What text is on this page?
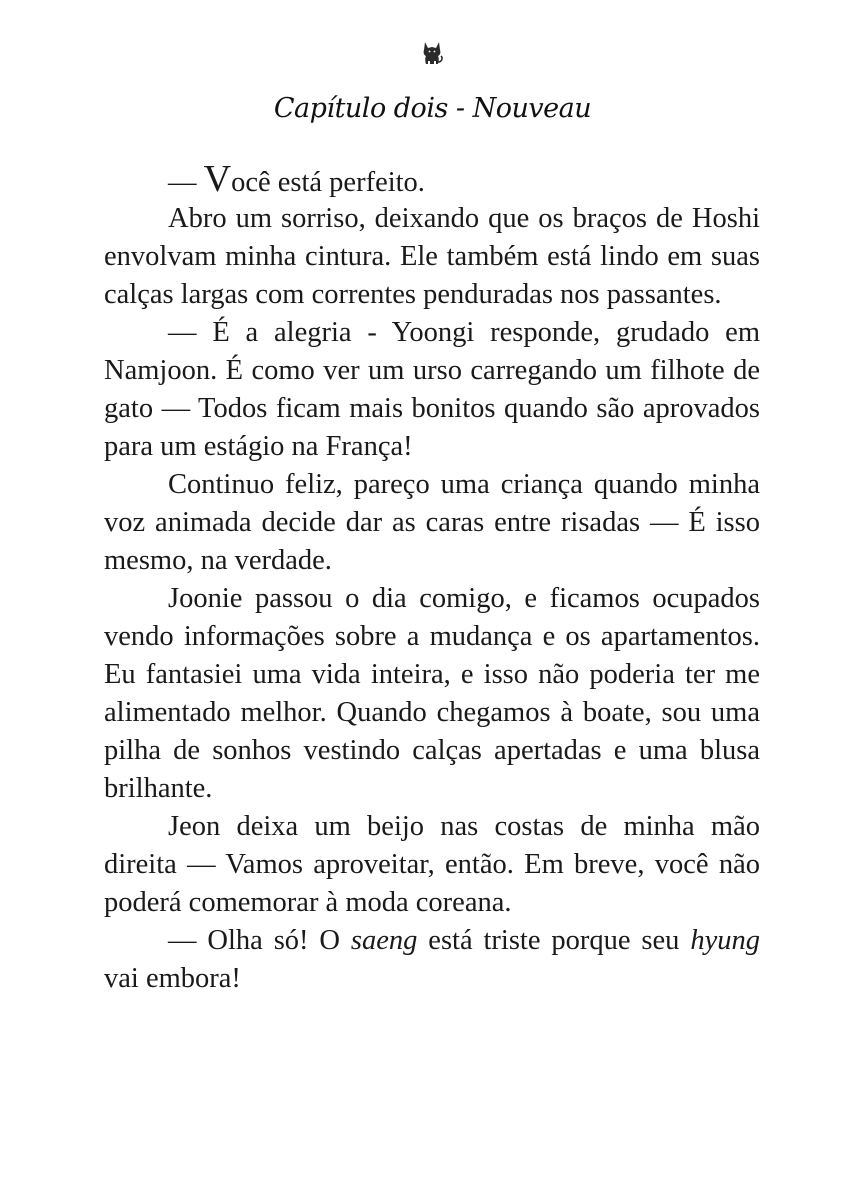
Capítulo dois - Nouveau

— Você está perfeito.

Abro um sorriso, deixando que os braços de Hoshi envolvam minha cintura. Ele também está lindo em suas calças largas com correntes penduradas nos passantes.

— É a alegria - Yoongi responde, grudado em Namjoon. É como ver um urso carregando um filhote de gato — Todos ficam mais bonitos quando são aprovados para um estágio na França!

Continuo feliz, pareço uma criança quando minha voz animada decide dar as caras entre risadas — É isso mesmo, na verdade.

Joonie passou o dia comigo, e ficamos ocupados vendo informações sobre a mudança e os apartamentos. Eu fantasiei uma vida inteira, e isso não poderia ter me alimentado melhor. Quando chegamos à boate, sou uma pilha de sonhos vestindo calças apertadas e uma blusa brilhante.

Jeon deixa um beijo nas costas de minha mão direita — Vamos aproveitar, então. Em breve, você não poderá comemorar à moda coreana.

— Olha só! O saeng está triste porque seu hyung vai embora!
